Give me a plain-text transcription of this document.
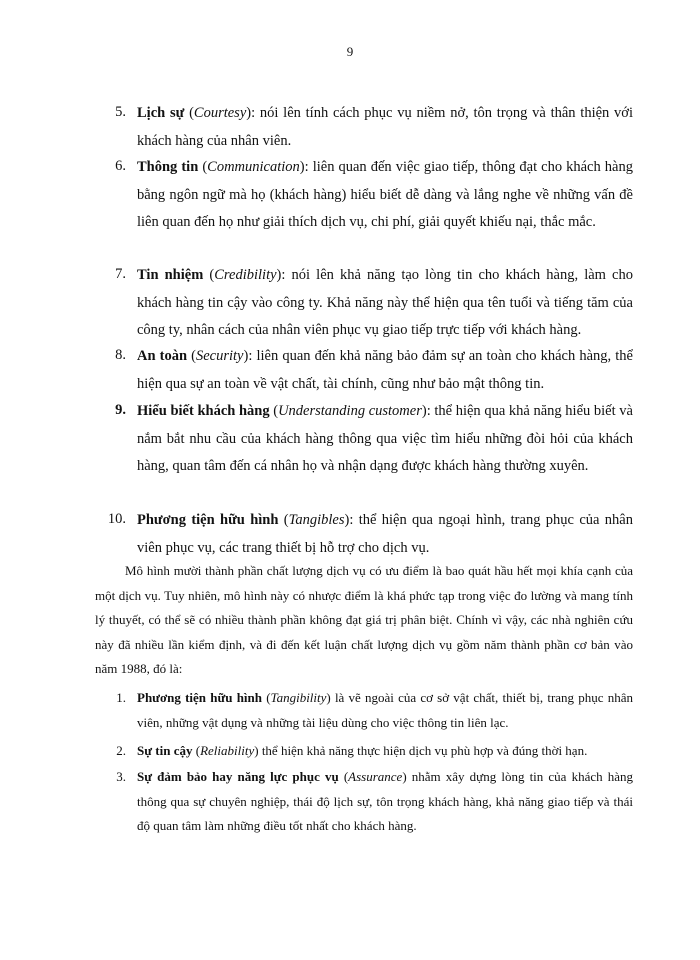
9
5. Lịch sự (Courtesy): nói lên tính cách phục vụ niềm nở, tôn trọng và thân thiện với khách hàng của nhân viên.
6. Thông tin (Communication): liên quan đến việc giao tiếp, thông đạt cho khách hàng bằng ngôn ngữ mà họ (khách hàng) hiểu biết dễ dàng và lắng nghe về những vấn đề liên quan đến họ như giải thích dịch vụ, chi phí, giải quyết khiếu nại, thắc mắc.
7. Tin nhiệm (Credibility): nói lên khả năng tạo lòng tin cho khách hàng, làm cho khách hàng tin cậy vào công ty. Khả năng này thể hiện qua tên tuổi và tiếng tăm của công ty, nhân cách của nhân viên phục vụ giao tiếp trực tiếp với khách hàng.
8. An toàn (Security): liên quan đến khả năng bảo đảm sự an toàn cho khách hàng, thể hiện qua sự an toàn về vật chất, tài chính, cũng như bảo mật thông tin.
9. Hiểu biết khách hàng (Understanding customer): thể hiện qua khả năng hiểu biết và nắm bắt nhu cầu của khách hàng thông qua việc tìm hiểu những đòi hỏi của khách hàng, quan tâm đến cá nhân họ và nhận dạng được khách hàng thường xuyên.
10. Phương tiện hữu hình (Tangibles): thể hiện qua ngoại hình, trang phục của nhân viên phục vụ, các trang thiết bị hỗ trợ cho dịch vụ.
Mô hình mười thành phần chất lượng dịch vụ có ưu điểm là bao quát hầu hết mọi khía cạnh của một dịch vụ. Tuy nhiên, mô hình này có nhược điểm là khá phức tạp trong việc đo lường và mang tính lý thuyết, có thể sẽ có nhiều thành phần không đạt giá trị phân biệt. Chính vì vậy, các nhà nghiên cứu này đã nhiều lần kiểm định, và đi đến kết luận chất lượng dịch vụ gồm năm thành phần cơ bản vào năm 1988, đó là:
1. Phương tiện hữu hình (Tangibility) là vẽ ngoài của cơ sở vật chất, thiết bị, trang phục nhân viên, những vật dụng và những tài liệu dùng cho việc thông tin liên lạc.
2. Sự tin cậy (Reliability) thể hiện khả năng thực hiện dịch vụ phù hợp và đúng thời hạn.
3. Sự đảm bảo hay năng lực phục vụ (Assurance) nhằm xây dựng lòng tin của khách hàng thông qua sự chuyên nghiệp, thái độ lịch sự, tôn trọng khách hàng, khả năng giao tiếp và thái độ quan tâm làm những điều tốt nhất cho khách hàng.
